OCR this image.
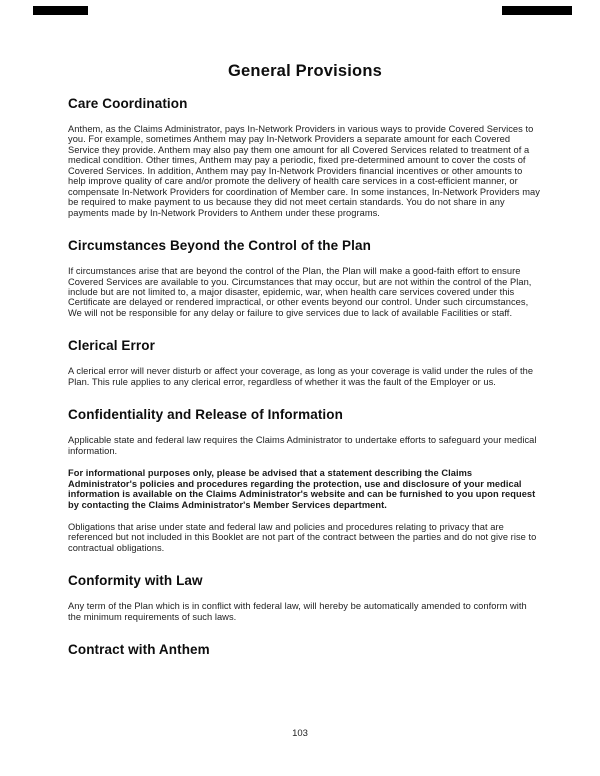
General Provisions
Care Coordination

Anthem, as the Claims Administrator, pays In-Network Providers in various ways to provide Covered Services to you. For example, sometimes Anthem may pay In-Network Providers a separate amount for each Covered Service they provide. Anthem may also pay them one amount for all Covered Services related to treatment of a medical condition. Other times, Anthem may pay a periodic, fixed pre-determined amount to cover the costs of Covered Services. In addition, Anthem may pay In-Network Providers financial incentives or other amounts to help improve quality of care and/or promote the delivery of health care services in a cost-efficient manner, or compensate In-Network Providers for coordination of Member care. In some instances, In-Network Providers may be required to make payment to us because they did not meet certain standards. You do not share in any payments made by In-Network Providers to Anthem under these programs.

Circumstances Beyond the Control of the Plan

If circumstances arise that are beyond the control of the Plan, the Plan will make a good-faith effort to ensure Covered Services are available to you. Circumstances that may occur, but are not within the control of the Plan, include but are not limited to, a major disaster, epidemic, war, when health care services covered under this Certificate are delayed or rendered impractical, or other events beyond our control. Under such circumstances, We will not be responsible for any delay or failure to give services due to lack of available Facilities or staff.

Clerical Error

A clerical error will never disturb or affect your coverage, as long as your coverage is valid under the rules of the Plan. This rule applies to any clerical error, regardless of whether it was the fault of the Employer or us.

Confidentiality and Release of Information

Applicable state and federal law requires the Claims Administrator to undertake efforts to safeguard your medical information.

For informational purposes only, please be advised that a statement describing the Claims Administrator's policies and procedures regarding the protection, use and disclosure of your medical information is available on the Claims Administrator's website and can be furnished to you upon request by contacting the Claims Administrator's Member Services department.

Obligations that arise under state and federal law and policies and procedures relating to privacy that are referenced but not included in this Booklet are not part of the contract between the parties and do not give rise to contractual obligations.

Conformity with Law

Any term of the Plan which is in conflict with federal law, will hereby be automatically amended to conform with the minimum requirements of such laws.

Contract with Anthem
103
